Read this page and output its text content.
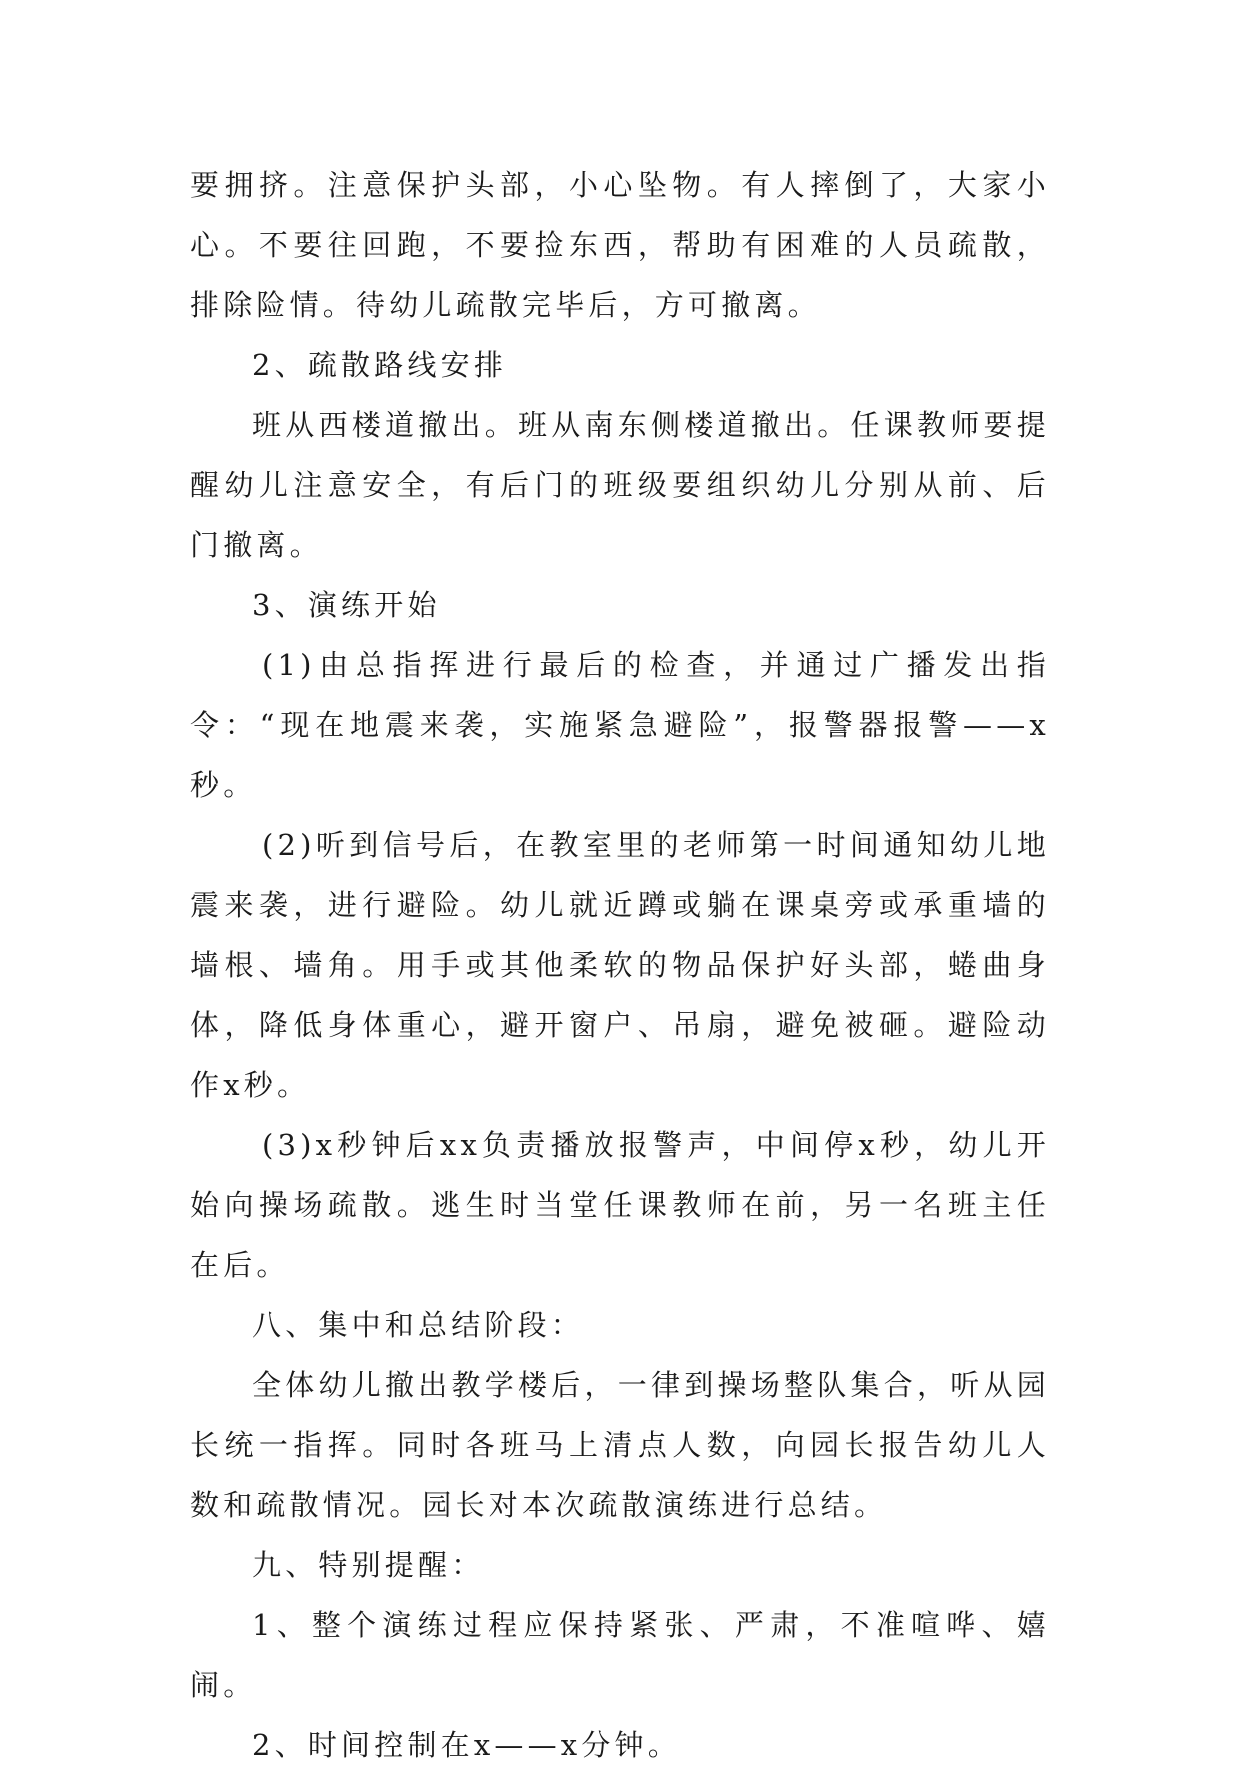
要拥挤。注意保护头部，小心坠物。有人摔倒了，大家小心。不要往回跑，不要捡东西，帮助有困难的人员疏散，排除险情。待幼儿疏散完毕后，方可撤离。

2、疏散路线安排

班从西楼道撤出。班从南东侧楼道撤出。任课教师要提醒幼儿注意安全，有后门的班级要组织幼儿分别从前、后门撤离。

3、演练开始

(1)由总指挥进行最后的检查，并通过广播发出指令：“现在地震来袭，实施紧急避险”，报警器报警——x秒。

(2)听到信号后，在教室里的老师第一时间通知幼儿地震来袭，进行避险。幼儿就近蹲或躺在课桌旁或承重墙的墙根、墙角。用手或其他柔软的物品保护好头部，蜷曲身体，降低身体重心，避开窗户、吊扇，避免被砸。避险动作x秒。

(3)x秒钟后xx负责播放报警声，中间停x秒，幼儿开始向操场疏散。逃生时当堂任课教师在前，另一名班主任在后。

八、集中和总结阶段：

全体幼儿撤出教学楼后，一律到操场整队集合，听从园长统一指挥。同时各班马上清点人数，向园长报告幼儿人数和疏散情况。园长对本次疏散演练进行总结。

九、特别提醒：

1、整个演练过程应保持紧张、严肃，不准喧哗、嬉闹。

2、时间控制在x——x分钟。
